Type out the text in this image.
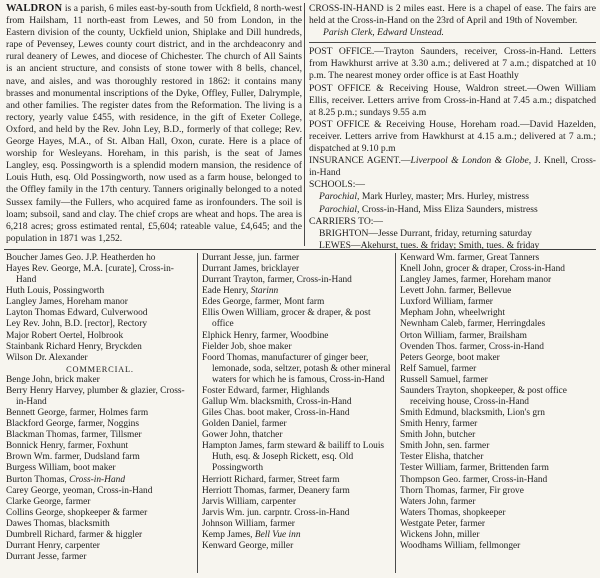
WALDRON is a parish, 6 miles east-by-south from Uckfield, 8 north-west from Hailsham, 11 north-east from Lewes, and 50 from London, in the Eastern division of the county, Uckfield union, Shiplake and Dill hundreds, rape of Pevensey, Lewes county court district, and in the archdeaconry and rural deanery of Lewes, and diocese of Chichester. The church of All Saints is an ancient structure, and consists of stone tower with 8 bells, chancel, nave, and aisles, and was thoroughly restored in 1862: it contains many brasses and monumental inscriptions of the Dyke, Offley, Fuller, Dalrymple, and other families. The register dates from the Reformation. The living is a rectory, yearly value £455, with residence, in the gift of Exeter College, Oxford, and held by the Rev. John Ley, B.D., formerly of that college; Rev. George Hayes, M.A., of St. Alban Hall, Oxon, curate. Here is a place of worship for Wesleyans. Horeham, in this parish, is the seat of James Langley, esq. Possingworth is a splendid modern mansion, the residence of Louis Huth, esq. Old Possingworth, now used as a farm house, belonged to the Offley family in the 17th century. Tanners originally belonged to a noted Sussex family—the Fullers, who acquired fame as ironfounders. The soil is loam; subsoil, sand and clay. The chief crops are wheat and hops. The area is 6,218 acres; gross estimated rental, £5,604; rateable value, £4,645; and the population in 1871 was 1,252.

CROSS-IN-HAND is 2 miles east. Here is a chapel of ease. The fairs are held at the Cross-in-Hand on the 23rd of April and 19th of November.

Parish Clerk, Edward Unstead.

POST OFFICE.—Trayton Saunders, receiver, Cross-in-Hand. Letters from Hawkhurst arrive at 3.30 a.m.; delivered at 7 a.m.; dispatched at 10 p.m. The nearest money order office is at East Hoathly

POST OFFICE & Receiving House, Waldron street.—Owen William Ellis, receiver. Letters arrive from Cross-in-Hand at 7.45 a.m.; dispatched at 8.25 p.m.; sundays 9.55 a.m

POST OFFICE & Receiving House, Horeham road.—David Hazelden, receiver. Letters arrive from Hawkhurst at 4.15 a.m.; delivered at 7 a.m.; dispatched at 9.10 p.m

INSURANCE AGENT.—Liverpool & London & Globe, J. Knell, Cross-in-Hand

SCHOOLS:—

Parochial, Mark Hurley, master; Mrs. Hurley, mistress

Parochial, Cross-in-Hand, Miss Eliza Saunders, mistress

CARRIERS TO:—

BRIGHTON—Jesse Durrant, friday, returning saturday

LEWES—Akehurst, tues. & friday; Smith, tues. & friday

Boucher James Geo. J.P. Heatherden ho

Hayes Rev. George, M.A. [curate], Cross-in-Hand

Huth Louis, Possingworth

Langley James, Horeham manor

Layton Thomas Edward, Culverwood

Ley Rev. John, B.D. [rector], Rectory

Major Robert Oertel, Holbrook

Stainbank Richard Henry, Bryckden

Wilson Dr. Alexander

COMMERCIAL.

Benge John, brick maker

Berry Henry Harvey, plumber & glazier, Cross-in-Hand

Bennett George, farmer, Holmes farm

Blackford George, farmer, Noggins

Blackman Thomas, farmer, Tillsmer

Bonnick Henry, farmer, Foxhunt

Brown Wm. farmer, Dudsland farm

Burgess William, boot maker

Burton Thomas, Cross-in-Hand

Carey George, yeoman, Cross-in-Hand

Clarke George, farmer

Collins George, shopkeeper & farmer

Dawes Thomas, blacksmith

Dumbrell Richard, farmer & higgler

Durrant Henry, carpenter

Durrant Jesse, farmer

Durrant Jesse, jun. farmer

Durrant James, bricklayer

Durrant Trayton, farmer, Cross-in-Hand

Eade Henry, Starinn

Edes George, farmer, Mont farm

Ellis Owen William, grocer & draper, & post office

Elphick Henry, farmer, Woodbine

Fielder Job, shoe maker

Foord Thomas, manufacturer of ginger beer, lemonade, soda, seltzer, potash & other mineral waters for which he is famous, Cross-in-Hand

Foster Edward, farmer, Highlands

Gallup Wm. blacksmith, Cross-in-Hand

Giles Chas. boot maker, Cross-in-Hand

Golden Daniel, farmer

Gower John, thatcher

Hampton James, farm steward & bailiff to Louis Huth, esq. & Joseph Rickett, esq. Old Possingworth

Herriott Richard, farmer, Street farm

Herriott Thomas, farmer, Deanery farm

Jarvis William, carpenter

Jarvis Wm. jun. carpntr. Cross-in-Hand

Johnson William, farmer

Kemp James, Bell Vue inn

Kenward George, miller

Kenward Wm. farmer, Great Tanners

Knell John, grocer & draper, Cross-in-Hand

Langley James, farmer, Horeham manor

Levett John. farmer, Bellevue

Luxford William, farmer

Mepham John, wheelwright

Newnham Caleb, farmer, Herringdales

Orton William, farmer, Brailsham

Ovenden Thos. farmer, Cross-in-Hand

Peters George, boot maker

Relf Samuel, farmer

Russell Samuel, farmer

Saunders Trayton, shopkeeper, & post office receiving house, Cross-in-Hand

Smith Edmund, blacksmith, Lion's grn

Smith Henry, farmer

Smith John, butcher

Smith John, sen. farmer

Tester Elisha, thatcher

Tester William, farmer, Brittenden farm

Thompson Geo. farmer, Cross-in-Hand

Thorn Thomas, farmer, Fir grove

Waters John, farmer

Waters Thomas, shopkeeper

Westgate Peter, farmer

Wickens John, miller

Woodhams William, fellmonger
